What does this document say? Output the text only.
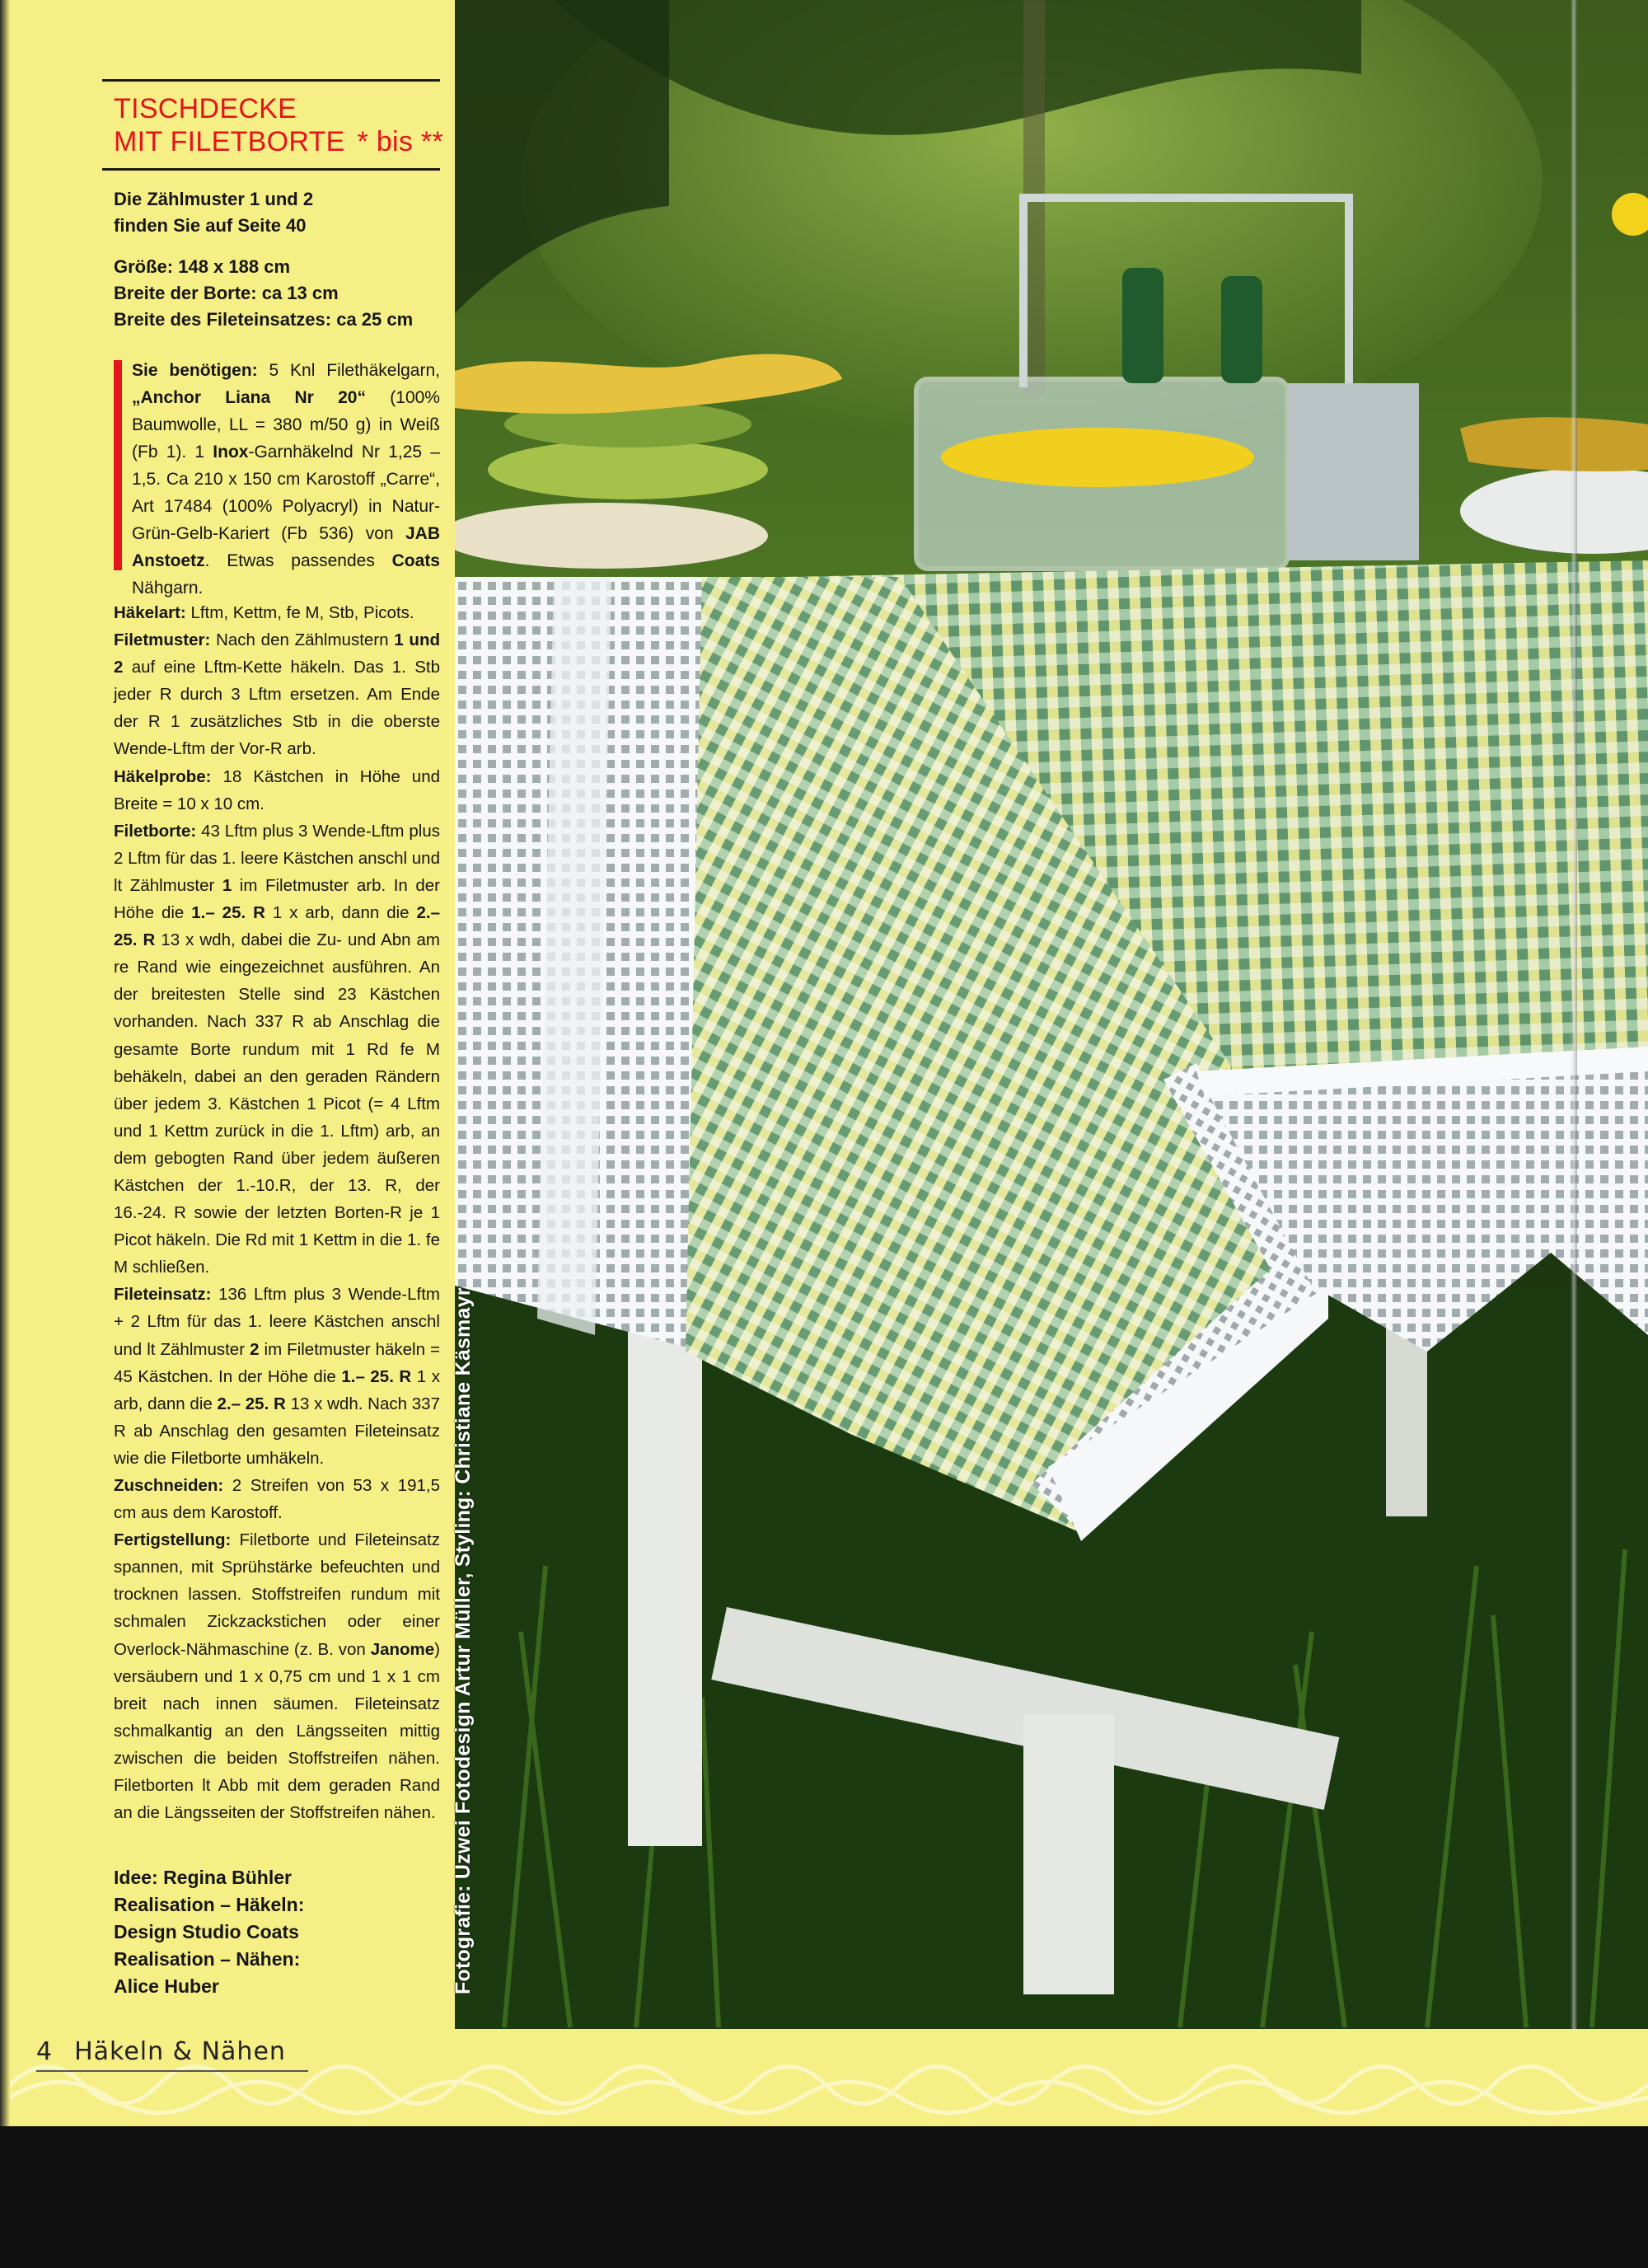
TISCHDECKE
MIT FILETBORTE * bis **
Die Zählmuster 1 und 2
finden Sie auf Seite 40
Größe: 148 x 188 cm
Breite der Borte: ca 13 cm
Breite des Fileteinsatzes: ca 25 cm
Sie benötigen: 5 Knl Filethäkelgarn, „Anchor Liana Nr 20“ (100% Baumwolle, LL = 380 m/50 g) in Weiß (Fb 1). 1 Inox-Garnhäkelnd Nr 1,25 – 1,5. Ca 210 x 150 cm Karostoff „Carre“, Art 17484 (100% Polyacryl) in Natur-Grün-Gelb-Kariert (Fb 536) von JAB Anstoetz. Etwas passendes Coats Nähgarn.

Häkelart: Lftm, Kettm, fe M, Stb, Picots.

Filetmuster: Nach den Zählmustern 1 und 2 auf eine Lftm-Kette häkeln. Das 1. Stb jeder R durch 3 Lftm ersetzen. Am Ende der R 1 zusätzliches Stb in die oberste Wende-Lftm der Vor-R arb.

Häkelprobe: 18 Kästchen in Höhe und Breite = 10 x 10 cm.

Filetborte: 43 Lftm plus 3 Wende-Lftm plus 2 Lftm für das 1. leere Kästchen anschl und lt Zählmuster 1 im Filetmuster arb. In der Höhe die 1.– 25. R 1 x arb, dann die 2.– 25. R 13 x wdh, dabei die Zu- und Abn am re Rand wie eingezeichnet ausführen. An der breitesten Stelle sind 23 Kästchen vorhanden. Nach 337 R ab Anschlag die gesamte Borte rundum mit 1 Rd fe M behäkeln, dabei an den geraden Rändern über jedem 3. Kästchen 1 Picot (= 4 Lftm und 1 Kettm zurück in die 1. Lftm) arb, an dem gebogten Rand über jedem äußeren Kästchen der 1.-10.R, der 13. R, der 16.-24. R sowie der letzten Borten-R je 1 Picot häkeln. Die Rd mit 1 Kettm in die 1. fe M schließen.

Fileteinsatz: 136 Lftm plus 3 Wende-Lftm + 2 Lftm für das 1. leere Kästchen anschl und lt Zählmuster 2 im Filetmuster häkeln = 45 Kästchen. In der Höhe die 1.– 25. R 1 x arb, dann die 2.– 25. R 13 x wdh. Nach 337 R ab Anschlag den gesamten Fileteinsatz wie die Filetborte umhäkeln.

Zuschneiden: 2 Streifen von 53 x 191,5 cm aus dem Karostoff.

Fertigstellung: Filetborte und Fileteinsatz spannen, mit Sprühstärke befeuchten und trocknen lassen. Stoffstreifen rundum mit schmalen Zickzackstichen oder einer Overlock-Nähmaschine (z. B. von Janome) versäubern und 1 x 0,75 cm und 1 x 1 cm breit nach innen säumen. Fileteinsatz schmalkantig an den Längsseiten mittig zwischen die beiden Stoffstreifen nähen. Filetborten lt Abb mit dem geraden Rand an die Längsseiten der Stoffstreifen nähen.

Idee: Regina Bühler
Realisation – Häkeln:
Design Studio Coats
Realisation – Nähen:
Alice Huber	Fotografie: Uzwei Fotodesign Artur Müller, Styling: Christiane Käsmayr
4 Häkeln & Nähen
